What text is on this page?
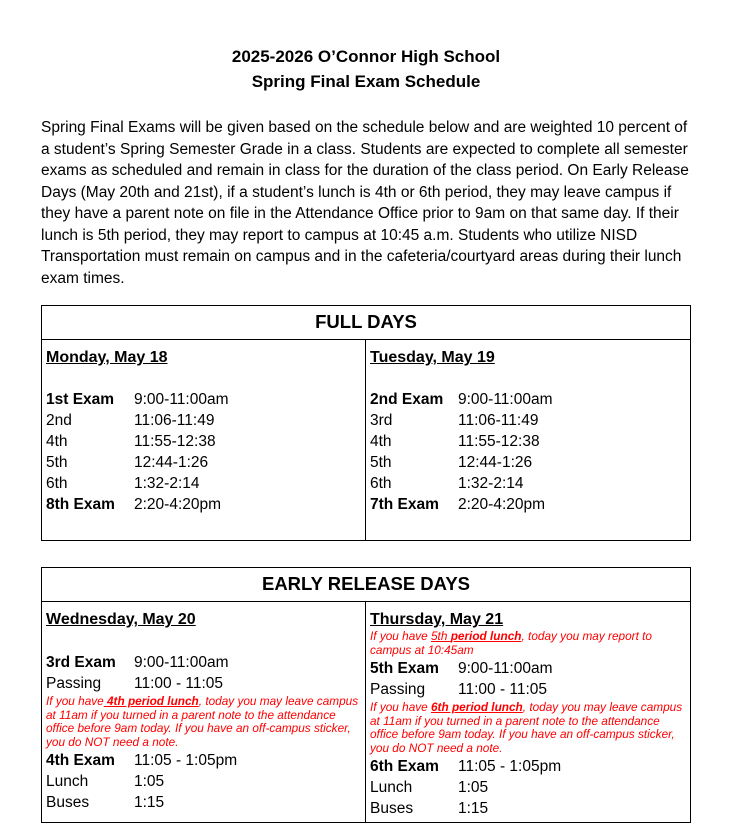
2025-2026 O’Connor High School
Spring Final Exam Schedule

Spring Final Exams will be given based on the schedule below and are weighted 10 percent of a student’s Spring Semester Grade in a class. Students are expected to complete all semester exams as scheduled and remain in class for the duration of the class period. On Early Release Days (May 20th and 21st), if a student’s lunch is 4th or 6th period, they may leave campus if they have a parent note on file in the Attendance Office prior to 9am on that same day. If their lunch is 5th period, they may report to campus at 10:45 a.m. Students who utilize NISD Transportation must remain on campus and in the cafeteria/courtyard areas during their lunch exam times.

FULL DAYS
Monday, May 18
1st Exam	9:00-11:00am
2nd	11:06-11:49
4th	11:55-12:38
5th	12:44-1:26
6th	1:32-2:14
8th Exam	2:20-4:20pm
Tuesday, May 19
2nd Exam 9:00-11:00am
3rd	11:06-11:49
4th	11:55-12:38
5th	12:44-1:26
6th	1:32-2:14
7th Exam	2:20-4:20pm
EARLY RELEASE DAYS
Wednesday, May 20
3rd Exam	9:00-11:00am
Passing	11:00 - 11:05
If you have 4th period lunch, today you may leave campus at 11am if you turned in a parent note to the attendance office before 9am today. If you have an off-campus sticker, you do NOT need a note.
4th Exam	11:05 - 1:05pm
Lunch	1:05
Buses	1:15
Thursday, May 21
If you have 5th period lunch, today you may report to campus at 10:45am
5th Exam	9:00-11:00am
Passing	11:00 - 11:05
If you have 6th period lunch, today you may leave campus at 11am if you turned in a parent note to the attendance office before 9am today. If you have an off-campus sticker, you do NOT need a note.
6th Exam	11:05 - 1:05pm
Lunch	1:05
Buses	1:15
